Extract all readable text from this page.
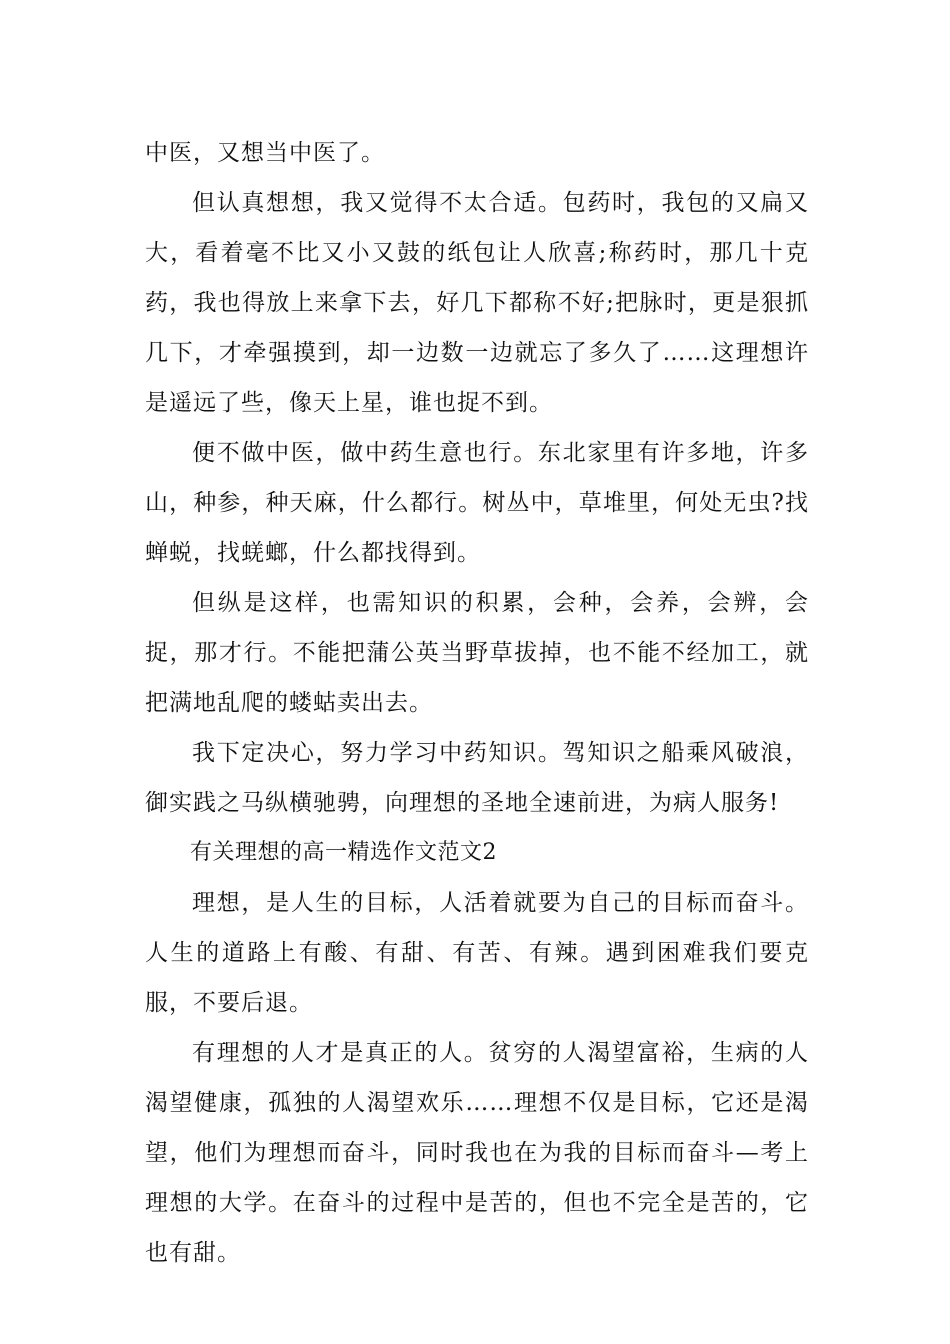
中医，又想当中医了。

但认真想想，我又觉得不太合适。包药时，我包的又扁又大，看着毫不比又小又鼓的纸包让人欣喜;称药时，那几十克药，我也得放上来拿下去，好几下都称不好;把脉时，更是狠抓几下，才牵强摸到，却一边数一边就忘了多久了……这理想许是遥远了些，像天上星，谁也捉不到。

便不做中医，做中药生意也行。东北家里有许多地，许多山，种参，种天麻，什么都行。树丛中，草堆里，何处无虫?找蝉蜕，找蜣螂，什么都找得到。

但纵是这样，也需知识的积累，会种，会养，会辨，会捉，那才行。不能把蒲公英当野草拔掉，也不能不经加工，就把满地乱爬的蝼蛄卖出去。

我下定决心，努力学习中药知识。驾知识之船乘风破浪，御实践之马纵横驰骋，向理想的圣地全速前进，为病人服务!

有关理想的高一精选作文范文2

理想，是人生的目标，人活着就要为自己的目标而奋斗。人生的道路上有酸、有甜、有苦、有辣。遇到困难我们要克服，不要后退。

有理想的人才是真正的人。贫穷的人渴望富裕，生病的人渴望健康，孤独的人渴望欢乐……理想不仅是目标，它还是渴望，他们为理想而奋斗，同时我也在为我的目标而奋斗—考上理想的大学。在奋斗的过程中是苦的，但也不完全是苦的，它也有甜。
